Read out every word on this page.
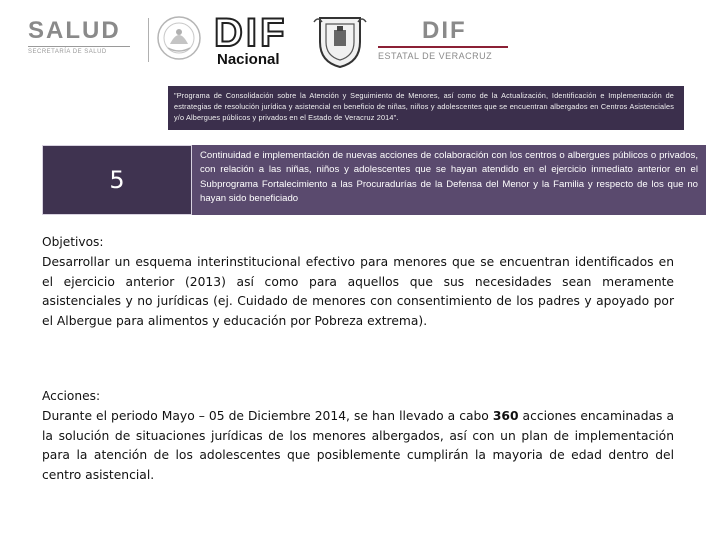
SALUD
SECRETARÍA DE SALUD	DIF
Nacional
DIF
ESTATAL DE VERACRUZ

"Programa de Consolidación sobre la Atención y Seguimiento de Menores, así como de la Actualización, Identificación e Implementación de estrategias de resolución jurídica y asistencial en beneficio de niñas, niños y adolescentes que se encuentran albergados en Centros Asistenciales y/o Albergues públicos y privados en el Estado de Veracruz 2014".

5

Continuidad e implementación de nuevas acciones de colaboración con los centros o albergues públicos o privados, con relación a las niñas, niños y adolescentes que se hayan atendido en el ejercicio inmediato anterior en el Subprograma Fortalecimiento a las Procuradurías de la Defensa del Menor y la Familia y respecto de los que no hayan sido beneficiado

Objetivos:

Desarrollar un esquema interinstitucional efectivo para menores que se encuentran identificados en el ejercicio anterior (2013) así como para aquellos que sus necesidades sean meramente asistenciales y no jurídicas (ej. Cuidado de menores con consentimiento de los padres y apoyado por el Albergue para alimentos y educación por Pobreza extrema).

Acciones:

Durante el periodo Mayo – 05 de Diciembre 2014, se han llevado a cabo 360 acciones encaminadas a la solución de situaciones jurídicas de los menores albergados, así con un plan de implementación para la atención de los adolescentes que posiblemente cumplirán la mayoria de edad dentro del centro asistencial.
